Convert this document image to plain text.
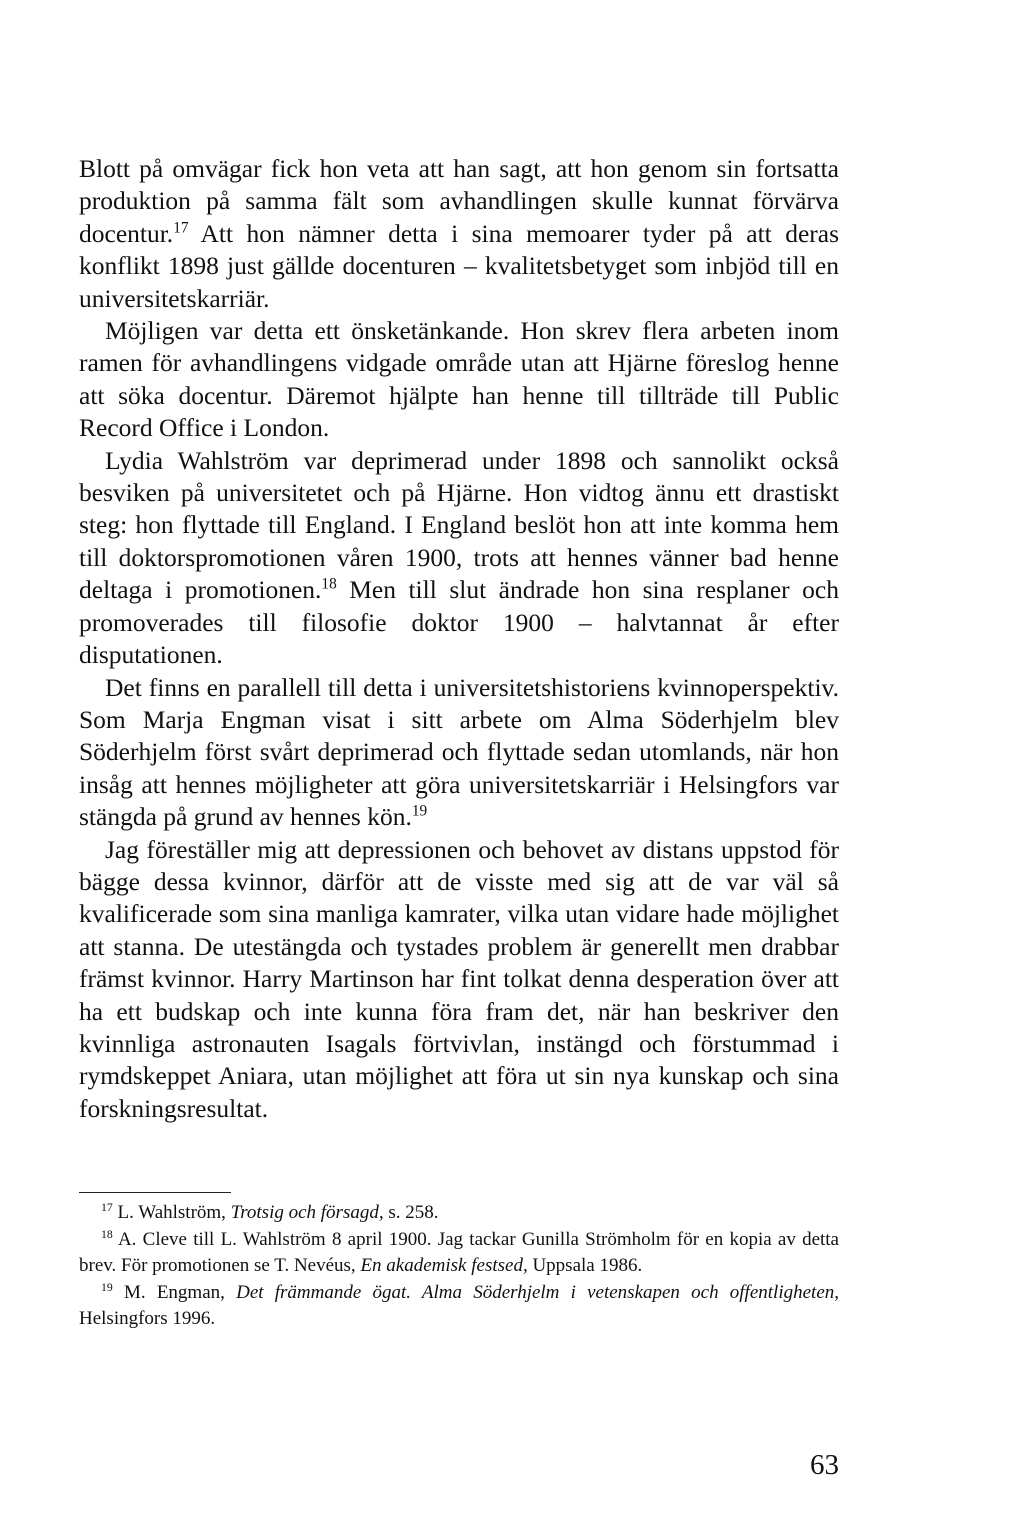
Blott på omvägar fick hon veta att han sagt, att hon genom sin fortsatta produktion på samma fält som avhandlingen skulle kunnat förvärva docentur.$^{17}$ Att hon nämner detta i sina memoarer tyder på att deras konflikt 1898 just gällde docenturen – kvalitetsbetyget som inbjöd till en universitetskarriär.

Möjligen var detta ett önsketänkande. Hon skrev flera arbeten inom ramen för avhandlingens vidgade område utan att Hjärne föreslog henne att söka docentur. Däremot hjälpte han henne till tillträde till Public Record Office i London.

Lydia Wahlström var deprimerad under 1898 och sannolikt också besviken på universitetet och på Hjärne. Hon vidtog ännu ett drastiskt steg: hon flyttade till England. I England beslöt hon att inte komma hem till doktorspromotionen våren 1900, trots att hennes vänner bad henne deltaga i promotionen.$^{18}$ Men till slut ändrade hon sina resplaner och promoverades till filosofie doktor 1900 – halvtannat år efter disputationen.

Det finns en parallell till detta i universitetshistoriens kvinnoperspektiv. Som Marja Engman visat i sitt arbete om Alma Söderhjelm blev Söderhjelm först svårt deprimerad och flyttade sedan utomlands, när hon insåg att hennes möjligheter att göra universitetskarriär i Helsingfors var stängda på grund av hennes kön.$^{19}$

Jag föreställer mig att depressionen och behovet av distans uppstod för bägge dessa kvinnor, därför att de visste med sig att de var väl så kvalificerade som sina manliga kamrater, vilka utan vidare hade möjlighet att stanna. De utestängda och tystades problem är generellt men drabbar främst kvinnor. Harry Martinson har fint tolkat denna desperation över att ha ett budskap och inte kunna föra fram det, när han beskriver den kvinnliga astronauten Isagals förtvivlan, instängd och förstummad i rymdskeppet Aniara, utan möjlighet att föra ut sin nya kunskap och sina forskningsresultat.

$^{17}$ L. Wahlström, Trotsig och försagd, s. 258.

$^{18}$ A. Cleve till L. Wahlström 8 april 1900. Jag tackar Gunilla Strömholm för en kopia av detta brev. För promotionen se T. Nevéus, En akademisk festsed, Uppsala 1986.

$^{19}$ M. Engman, Det främmande ögat. Alma Söderhjelm i vetenskapen och offentligheten, Helsingfors 1996.

63
